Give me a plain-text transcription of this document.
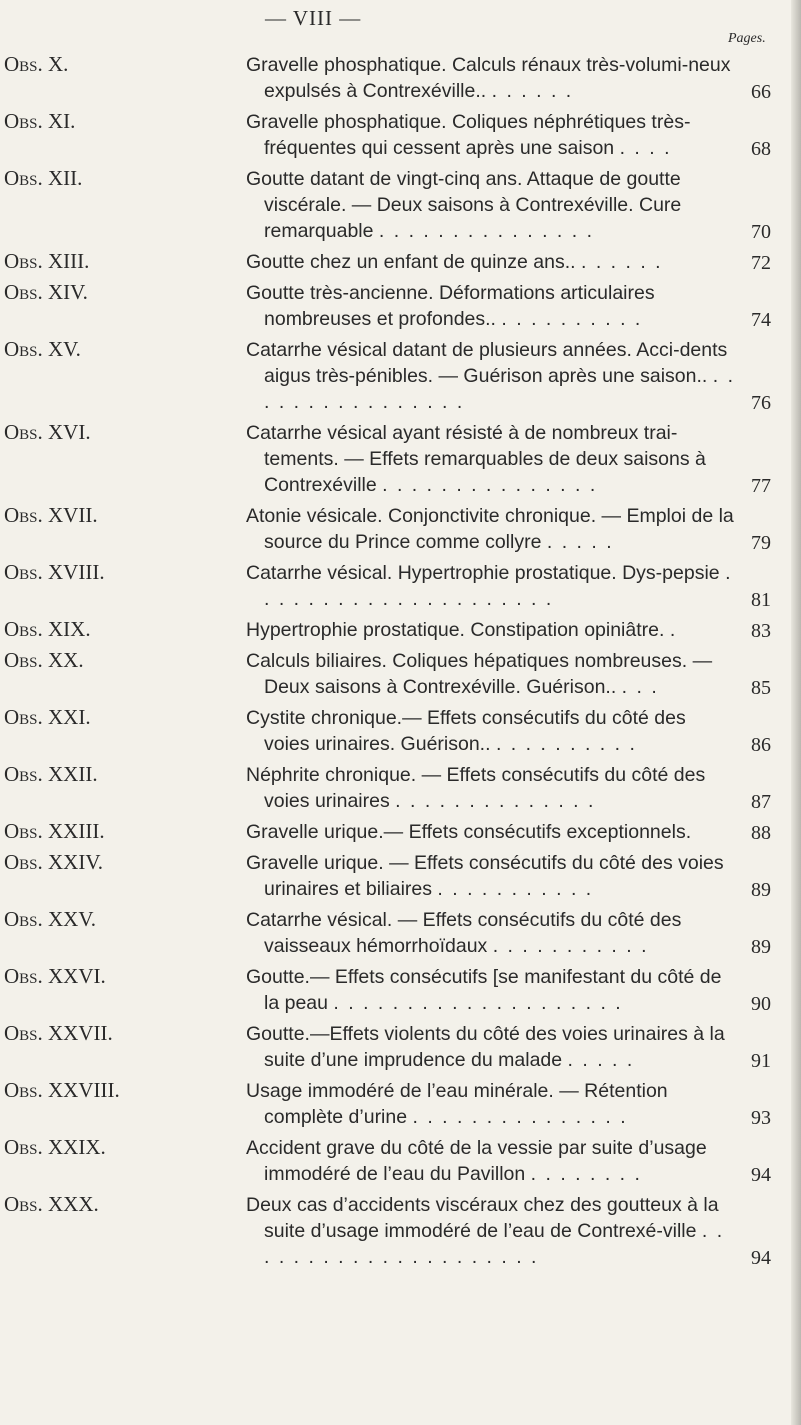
— VIII —
Pages.
Obs. X.	Gravelle phosphatique. Calculs rénaux très-volumi-neux expulsés à Contrexéville.. . . . . . .	66
Obs. XI.	Gravelle phosphatique. Coliques néphrétiques très-fréquentes qui cessent après une saison . . . .	68
Obs. XII.	Goutte datant de vingt-cinq ans. Attaque de goutte viscérale. — Deux saisons à Contrexéville. Cure remarquable . . . . . . . . . . . . . . .	70
Obs. XIII.	Goutte chez un enfant de quinze ans.. . . . . . .	72
Obs. XIV.	Goutte très-ancienne. Déformations articulaires nombreuses et profondes.. . . . . . . . . . .	74
Obs. XV.	Catarrhe vésical datant de plusieurs années. Acci-dents aigus très-pénibles. — Guérison après une saison.. . . . . . . . . . . . . . . . .	76
Obs. XVI.	Catarrhe vésical ayant résisté à de nombreux trai-tements. — Effets remarquables de deux saisons à Contrexéville . . . . . . . . . . . . . . .	77
Obs. XVII.	Atonie vésicale. Conjonctivite chronique. — Emploi de la source du Prince comme collyre . . . . .	79
Obs. XVIII.	Catarrhe vésical. Hypertrophie prostatique. Dys-pepsie . . . . . . . . . . . . . . . . . . . . .	81
Obs. XIX.	Hypertrophie prostatique. Constipation opiniâtre. .	83
Obs. XX.	Calculs biliaires. Coliques hépatiques nombreuses. — Deux saisons à Contrexéville. Guérison.. . . .	85
Obs. XXI.	Cystite chronique.— Effets consécutifs du côté des voies urinaires. Guérison.. . . . . . . . . . .	86
Obs. XXII.	Néphrite chronique. — Effets consécutifs du côté des voies urinaires . . . . . . . . . . . . . .	87
Obs. XXIII.	Gravelle urique.— Effets consécutifs exceptionnels.	88
Obs. XXIV.	Gravelle urique. — Effets consécutifs du côté des voies urinaires et biliaires . . . . . . . . . . .	89
Obs. XXV.	Catarrhe vésical. — Effets consécutifs du côté des vaisseaux hémorrhoïdaux . . . . . . . . . . .	89
Obs. XXVI.	Goutte.— Effets consécutifs [se manifestant du côté de la peau . . . . . . . . . . . . . . . . . . . .	90
Obs. XXVII.	Goutte.—Effets violents du côté des voies urinaires à la suite d’une imprudence du malade . . . . .	91
Obs. XXVIII.	Usage immodéré de l’eau minérale. — Rétention complète d’urine . . . . . . . . . . . . . . .	93
Obs. XXIX.	Accident grave du côté de la vessie par suite d’usage immodéré de l’eau du Pavillon . . . . . . . .	94
Obs. XXX.	Deux cas d’accidents viscéraux chez des goutteux à la suite d’usage immodéré de l’eau de Contrexé-ville . . . . . . . . . . . . . . . . . . . . .	94
